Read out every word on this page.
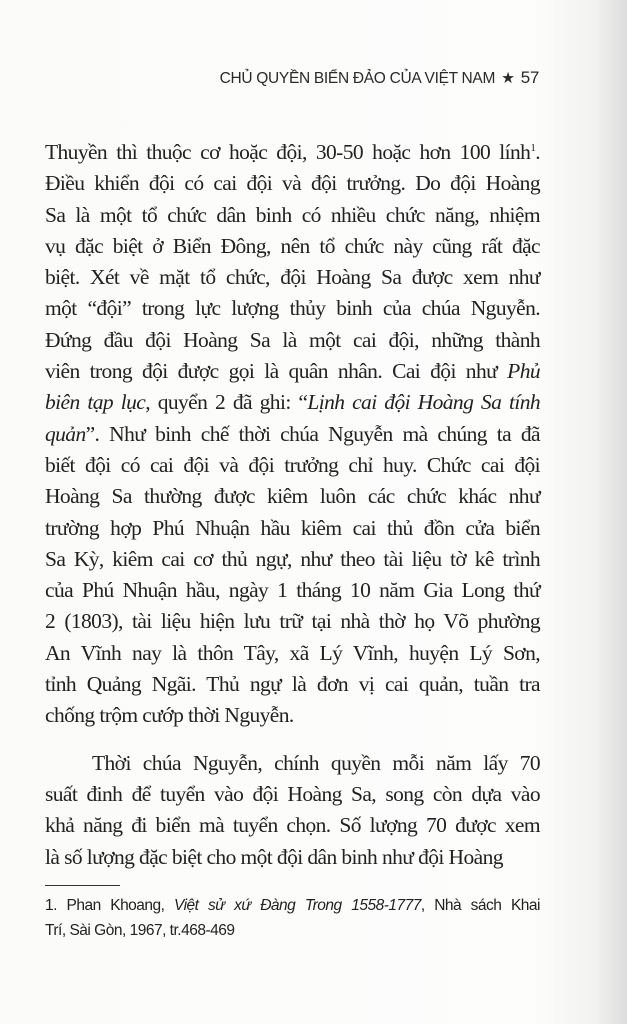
CHỦ QUYỀN BIỂN ĐẢO CỦA VIỆT NAM ★ 57
Thuyền thì thuộc cơ hoặc đội, 30-50 hoặc hơn 100 lính$^1$.
Điều khiển đội có cai đội và đội trưởng. Do đội Hoàng
Sa là một tổ chức dân binh có nhiều chức năng, nhiệm
vụ đặc biệt ở Biển Đông, nên tổ chức này cũng rất đặc
biệt. Xét về mặt tổ chức, đội Hoàng Sa được xem như
một “đội” trong lực lượng thủy binh của chúa Nguyễn.
Đứng đầu đội Hoàng Sa là một cai đội, những thành
viên trong đội được gọi là quân nhân. Cai đội như Phủ
biên tạp lục, quyển 2 đã ghi: “Lịnh cai đội Hoàng Sa tính
quản”. Như binh chế thời chúa Nguyễn mà chúng ta đã
biết đội có cai đội và đội trưởng chỉ huy. Chức cai đội
Hoàng Sa thường được kiêm luôn các chức khác như
trường hợp Phú Nhuận hầu kiêm cai thủ đồn cửa biển
Sa Kỳ, kiêm cai cơ thủ ngự, như theo tài liệu tờ kê trình
của Phú Nhuận hầu, ngày 1 tháng 10 năm Gia Long thứ
2 (1803), tài liệu hiện lưu trữ tại nhà thờ họ Võ phường
An Vĩnh nay là thôn Tây, xã Lý Vĩnh, huyện Lý Sơn,
tỉnh Quảng Ngãi. Thủ ngự là đơn vị cai quản, tuần tra
chống trộm cướp thời Nguyễn.
Thời chúa Nguyễn, chính quyền mỗi năm lấy 70
suất đinh để tuyển vào đội Hoàng Sa, song còn dựa vào
khả năng đi biển mà tuyển chọn. Số lượng 70 được xem
là số lượng đặc biệt cho một đội dân binh như đội Hoàng
1. Phan Khoang, Việt sử xứ Đàng Trong 1558-1777, Nhà sách Khai
Trí, Sài Gòn, 1967, tr.468-469
